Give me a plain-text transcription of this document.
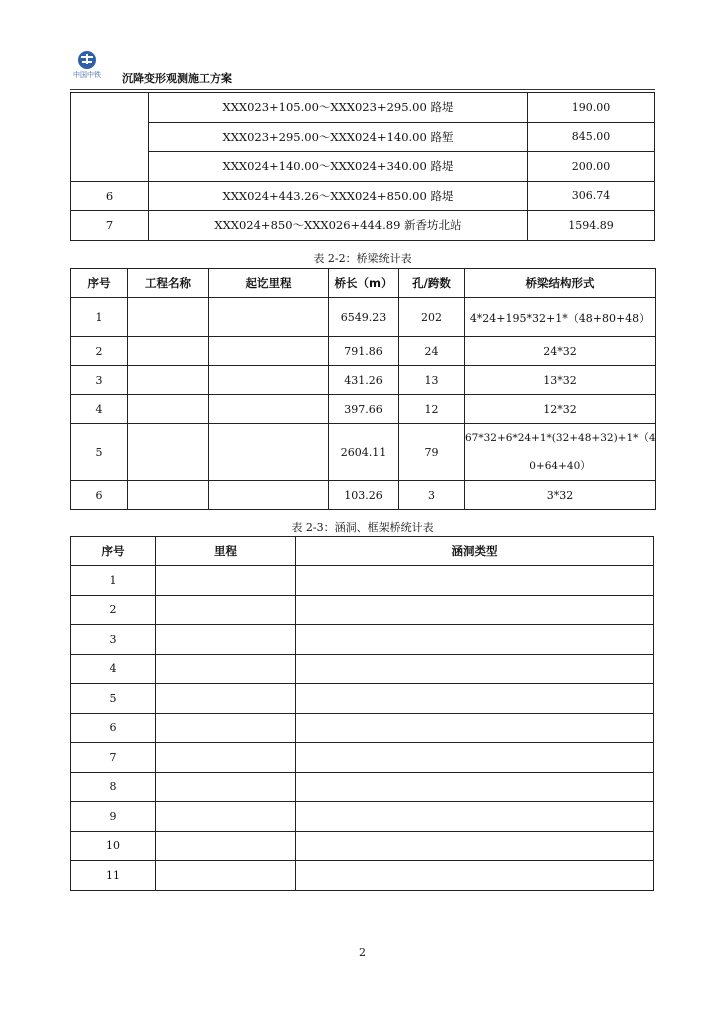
中国中铁 沉降变形观测施工方案
	XXX023+105.00～XXX023+295.00 路堤	190.00
	XXX023+295.00～XXX024+140.00 路堑	845.00
	XXX024+140.00～XXX024+340.00 路堤	200.00
6	XXX024+443.26～XXX024+850.00 路堤	306.74
7	XXX024+850～XXX026+444.89 新香坊北站	1594.89
表 2-2：桥梁统计表
序号	工程名称	起讫里程	桥长（m）	孔/跨数	桥梁结构形式
1			6549.23	202	4*24+195*32+1*（48+80+48）
2			791.86	24	24*32
3			431.26	13	13*32
4			397.66	12	12*32
5			2604.11	79	67*32+6*24+1*(32+48+32)+1*（4
0+64+40）

6			103.26	3	3*32
表 2-3：涵洞、框架桥统计表
序号	里程	涵洞类型
1		
2		
3		
4		
5		
6		
7		
8		
9		
10		
11		
2
